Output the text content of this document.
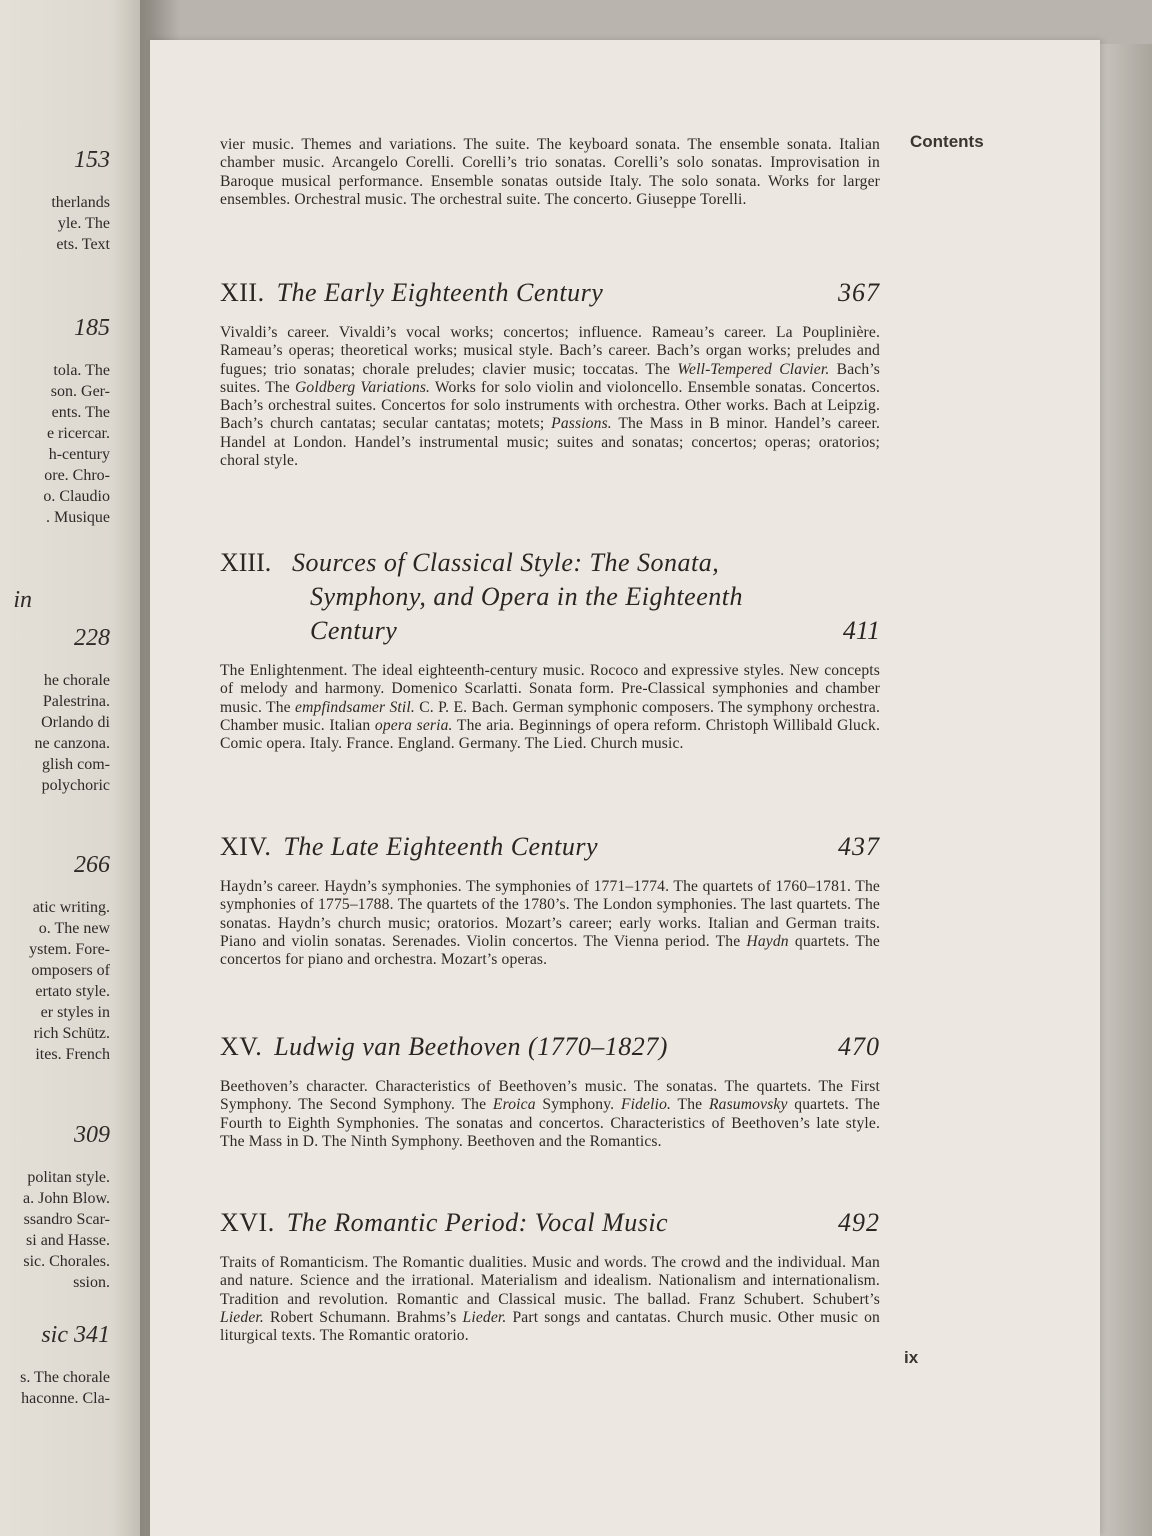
153
therlands
yle. The
ets. Text
185
tola. The
son. Ger-
ents. The
e ricercar.
h-century
ore. Chro-
o. Claudio
. Musique
in
228
he chorale
Palestrina.
Orlando di
ne canzona.
glish com-
polychoric
266
atic writing.
o. The new
ystem. Fore-
omposers of
ertato style.
er styles in
rich Schütz.
ites. French
309
politan style.
a. John Blow.
ssandro Scar-
si and Hasse.
sic. Chorales.
ssion.
sic 341
s. The chorale
haconne. Cla-
Contents

vier music. Themes and variations. The suite. The keyboard sonata. The ensemble sonata. Italian chamber music. Arcangelo Corelli. Corelli’s trio sonatas. Corelli’s solo sonatas. Improvisation in Baroque musical performance. Ensemble sonatas outside Italy. The solo sonata. Works for larger ensembles. Orchestral music. The orchestral suite. The concerto. Giuseppe Torelli.

XII. The Early Eighteenth Century	367

Vivaldi’s career. Vivaldi’s vocal works; concertos; influence. Rameau’s career. La Pouplinière. Rameau’s operas; theoretical works; musical style. Bach’s career. Bach’s organ works; preludes and fugues; trio sonatas; chorale preludes; clavier music; toccatas. The Well-Tempered Clavier. Bach’s suites. The Goldberg Variations. Works for solo violin and violoncello. Ensemble sonatas. Concertos. Bach’s orchestral suites. Concertos for solo instruments with orchestra. Other works. Bach at Leipzig. Bach’s church cantatas; secular cantatas; motets; Passions. The Mass in B minor. Handel’s career. Handel at London. Handel’s instrumental music; suites and sonatas; concertos; operas; oratorios; choral style.

XIII. Sources of Classical Style: The Sonata,
Symphony, and Opera in the Eighteenth
Century	411

The Enlightenment. The ideal eighteenth-century music. Rococo and expressive styles. New concepts of melody and harmony. Domenico Scarlatti. Sonata form. Pre-Classical symphonies and chamber music. The empfindsamer Stil. C. P. E. Bach. German symphonic composers. The symphony orchestra. Chamber music. Italian opera seria. The aria. Beginnings of opera reform. Christoph Willibald Gluck. Comic opera. Italy. France. England. Germany. The Lied. Church music.

XIV. The Late Eighteenth Century	437

Haydn’s career. Haydn’s symphonies. The symphonies of 1771–1774. The quartets of 1760–1781. The symphonies of 1775–1788. The quartets of the 1780’s. The London symphonies. The last quartets. The sonatas. Haydn’s church music; oratorios. Mozart’s career; early works. Italian and German traits. Piano and violin sonatas. Serenades. Violin concertos. The Vienna period. The Haydn quartets. The concertos for piano and orchestra. Mozart’s operas.

XV. Ludwig van Beethoven (1770–1827)	470

Beethoven’s character. Characteristics of Beethoven’s music. The sonatas. The quartets. The First Symphony. The Second Symphony. The Eroica Symphony. Fidelio. The Rasumovsky quartets. The Fourth to Eighth Symphonies. The sonatas and concertos. Characteristics of Beethoven’s late style. The Mass in D. The Ninth Symphony. Beethoven and the Romantics.

XVI. The Romantic Period: Vocal Music	492

Traits of Romanticism. The Romantic dualities. Music and words. The crowd and the individual. Man and nature. Science and the irrational. Materialism and idealism. Nationalism and internationalism. Tradition and revolution. Romantic and Classical music. The ballad. Franz Schubert. Schubert’s Lieder. Robert Schumann. Brahms’s Lieder. Part songs and cantatas. Church music. Other music on liturgical texts. The Romantic oratorio.

ix
